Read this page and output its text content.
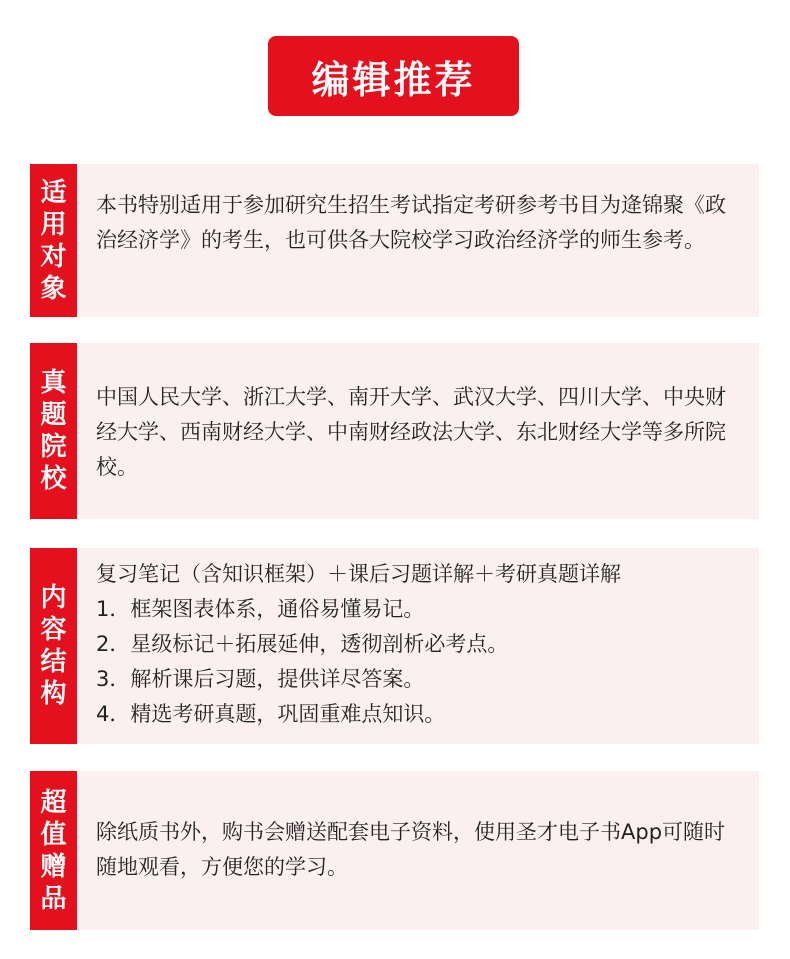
编辑推荐
适
用
对
象

本书特别适用于参加研究生招生考试指定考研参考书目为逄锦聚《政治经济学》的考生，也可供各大院校学习政治经济学的师生参考。

真
题
院
校

中国人民大学、浙江大学、南开大学、武汉大学、四川大学、中央财经大学、西南财经大学、中南财经政法大学、东北财经大学等多所院校。

内
容
结
构
复习笔记（含知识框架）＋课后习题详解＋考研真题详解
1．框架图表体系，通俗易懂易记。
2．星级标记＋拓展延伸，透彻剖析必考点。
3．解析课后习题，提供详尽答案。
4．精选考研真题，巩固重难点知识。
超
值
赠
品

除纸质书外，购书会赠送配套电子资料，使用圣才电子书App可随时随地观看，方便您的学习。
